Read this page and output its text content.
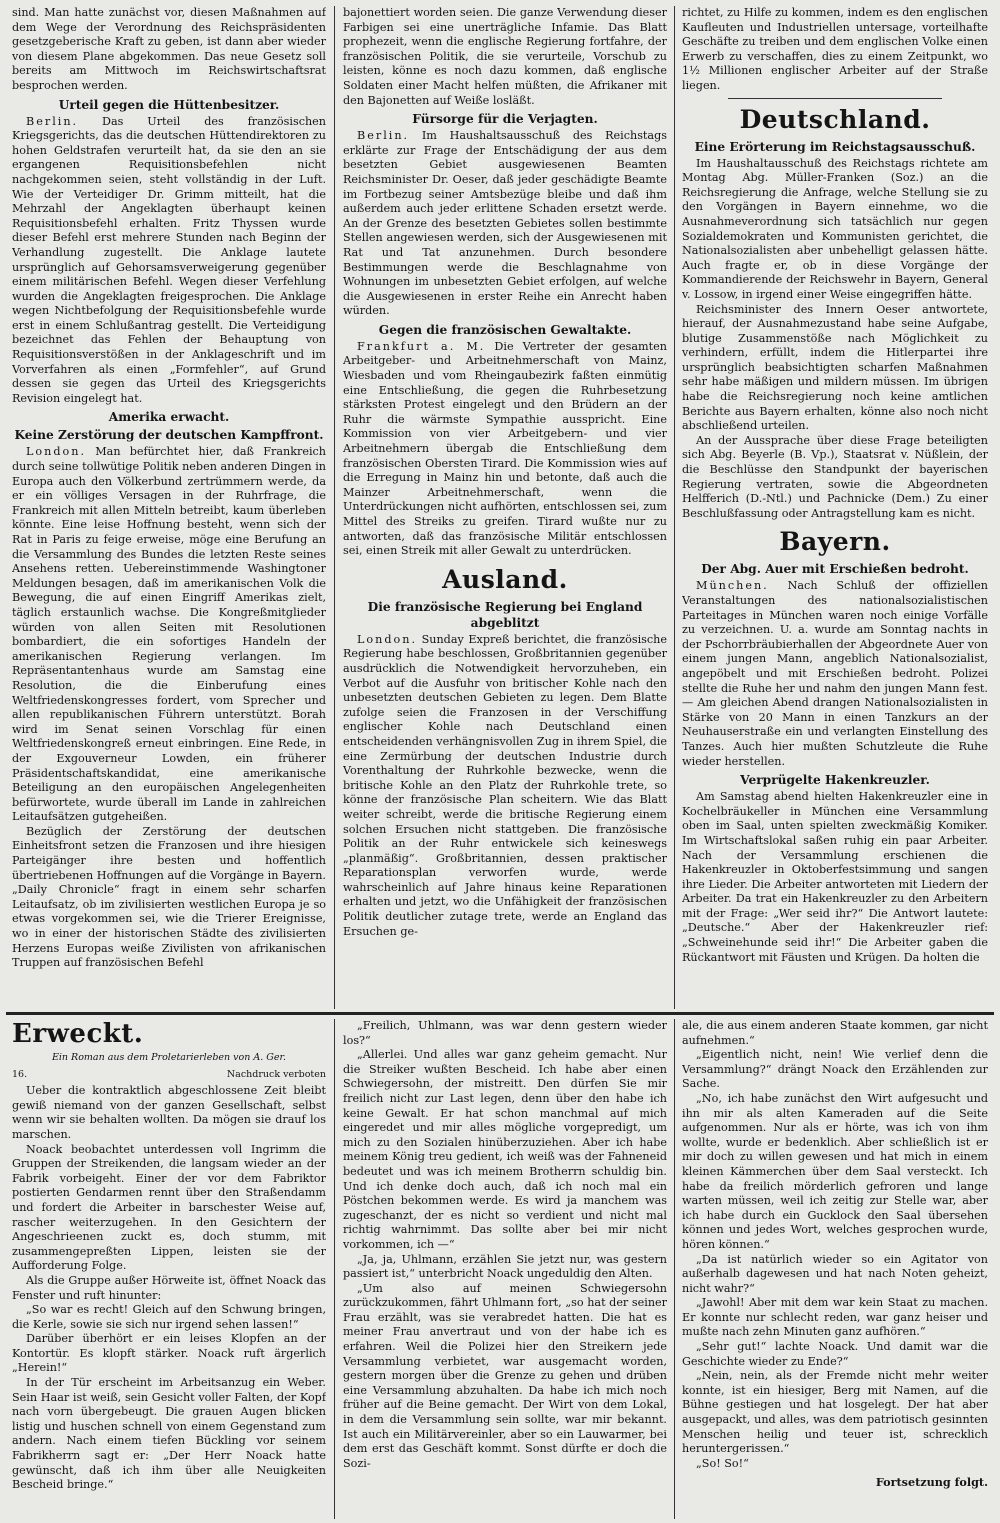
sind. Man hatte zunächst vor, diesen Maßnahmen auf dem Wege der Verordnung des Reichspräsidenten gesetzgeberische Kraft zu geben, ist dann aber wieder von diesem Plane abgekommen. Das neue Gesetz soll bereits am Mittwoch im Reichswirtschaftsrat besprochen werden.

Urteil gegen die Hüttenbesitzer.

Berlin. Das Urteil des französischen Kriegsgerichts, das die deutschen Hüttendirektoren zu hohen Geldstrafen verurteilt hat, da sie den an sie ergangenen Requisitionsbefehlen nicht nachgekommen seien, steht vollständig in der Luft. Wie der Verteidiger Dr. Grimm mitteilt, hat die Mehrzahl der Angeklagten überhaupt keinen Requisitionsbefehl erhalten. Fritz Thyssen wurde dieser Befehl erst mehrere Stunden nach Beginn der Verhandlung zugestellt. Die Anklage lautete ursprünglich auf Gehorsamsverweigerung gegenüber einem militärischen Befehl. Wegen dieser Verfehlung wurden die Angeklagten freigesprochen. Die Anklage wegen Nichtbefolgung der Requisitionsbefehle wurde erst in einem Schlußantrag gestellt. Die Verteidigung bezeichnet das Fehlen der Behauptung von Requisitionsverstößen in der Anklageschrift und im Vorverfahren als einen „Formfehler“, auf Grund dessen sie gegen das Urteil des Kriegsgerichts Revision eingelegt hat.

Amerika erwacht.
Keine Zerstörung der deutschen Kampffront.

London. Man befürchtet hier, daß Frankreich durch seine tollwütige Politik neben anderen Dingen in Europa auch den Völkerbund zertrümmern werde, da er ein völliges Versagen in der Ruhrfrage, die Frankreich mit allen Mitteln betreibt, kaum überleben könnte. Eine leise Hoffnung besteht, wenn sich der Rat in Paris zu feige erweise, möge eine Berufung an die Versammlung des Bundes die letzten Reste seines Ansehens retten. Uebereinstimmende Washingtoner Meldungen besagen, daß im amerikanischen Volk die Bewegung, die auf einen Eingriff Amerikas zielt, täglich erstaunlich wachse. Die Kongreßmitglieder würden von allen Seiten mit Resolutionen bombardiert, die ein sofortiges Handeln der amerikanischen Regierung verlangen. Im Repräsentantenhaus wurde am Samstag eine Resolution, die die Einberufung eines Weltfriedenskongresses fordert, vom Sprecher und allen republikanischen Führern unterstützt. Borah wird im Senat seinen Vorschlag für einen Weltfriedenskongreß erneut einbringen. Eine Rede, in der Exgouverneur Lowden, ein früherer Präsidentschaftskandidat, eine amerikanische Beteiligung an den europäischen Angelegenheiten befürwortete, wurde überall im Lande in zahlreichen Leitaufsätzen gutgeheißen.

Bezüglich der Zerstörung der deutschen Einheitsfront setzen die Franzosen und ihre hiesigen Parteigänger ihre besten und hoffentlich übertriebenen Hoffnungen auf die Vorgänge in Bayern. „Daily Chronicle“ fragt in einem sehr scharfen Leitaufsatz, ob im zivilisierten westlichen Europa je so etwas vorgekommen sei, wie die Trierer Ereignisse, wo in einer der historischen Städte des zivilisierten Herzens Europas weiße Zivilisten von afrikanischen Truppen auf französischen Befehl

bajonettiert worden seien. Die ganze Verwendung dieser Farbigen sei eine unerträgliche Infamie. Das Blatt prophezeit, wenn die englische Regierung fortfahre, der französischen Politik, die sie verurteile, Vorschub zu leisten, könne es noch dazu kommen, daß englische Soldaten einer Macht helfen müßten, die Afrikaner mit den Bajonetten auf Weiße losläßt.

Fürsorge für die Verjagten.

Berlin. Im Haushaltsausschuß des Reichstags erklärte zur Frage der Entschädigung der aus dem besetzten Gebiet ausgewiesenen Beamten Reichsminister Dr. Oeser, daß jeder geschädigte Beamte im Fortbezug seiner Amtsbezüge bleibe und daß ihm außerdem auch jeder erlittene Schaden ersetzt werde. An der Grenze des besetzten Gebietes sollen bestimmte Stellen angewiesen werden, sich der Ausgewiesenen mit Rat und Tat anzunehmen. Durch besondere Bestimmungen werde die Beschlagnahme von Wohnungen im unbesetzten Gebiet erfolgen, auf welche die Ausgewiesenen in erster Reihe ein Anrecht haben würden.

Gegen die französischen Gewaltakte.

Frankfurt a. M. Die Vertreter der gesamten Arbeitgeber- und Arbeitnehmerschaft von Mainz, Wiesbaden und vom Rheingaubezirk faßten einmütig eine Entschließung, die gegen die Ruhrbesetzung stärksten Protest eingelegt und den Brüdern an der Ruhr die wärmste Sympathie ausspricht. Eine Kommission von vier Arbeitgebern- und vier Arbeitnehmern übergab die Entschließung dem französischen Obersten Tirard. Die Kommission wies auf die Erregung in Mainz hin und betonte, daß auch die Mainzer Arbeitnehmerschaft, wenn die Unterdrückungen nicht aufhörten, entschlossen sei, zum Mittel des Streiks zu greifen. Tirard wußte nur zu antworten, daß das französische Militär entschlossen sei, einen Streik mit aller Gewalt zu unterdrücken.

Ausland.
Die französische Regierung bei England abgeblitzt

London. Sunday Expreß berichtet, die französische Regierung habe beschlossen, Großbritannien gegenüber ausdrücklich die Notwendigkeit hervorzuheben, ein Verbot auf die Ausfuhr von britischer Kohle nach den unbesetzten deutschen Gebieten zu legen. Dem Blatte zufolge seien die Franzosen in der Verschiffung englischer Kohle nach Deutschland einen entscheidenden verhängnisvollen Zug in ihrem Spiel, die eine Zermürbung der deutschen Industrie durch Vorenthaltung der Ruhrkohle bezwecke, wenn die britische Kohle an den Platz der Ruhrkohle trete, so könne der französische Plan scheitern. Wie das Blatt weiter schreibt, werde die britische Regierung einem solchen Ersuchen nicht stattgeben. Die französische Politik an der Ruhr entwickele sich keineswegs „planmäßig“. Großbritannien, dessen praktischer Reparationsplan verworfen wurde, werde wahrscheinlich auf Jahre hinaus keine Reparationen erhalten und jetzt, wo die Unfähigkeit der französischen Politik deutlicher zutage trete, werde an England das Ersuchen ge-

richtet, zu Hilfe zu kommen, indem es den englischen Kaufleuten und Industriellen untersage, vorteilhafte Geschäfte zu treiben und dem englischen Volke einen Erwerb zu verschaffen, dies zu einem Zeitpunkt, wo 1½ Millionen englischer Arbeiter auf der Straße liegen.

Deutschland.
Eine Erörterung im Reichstagsausschuß.

Im Haushaltausschuß des Reichstags richtete am Montag Abg. Müller-Franken (Soz.) an die Reichsregierung die Anfrage, welche Stellung sie zu den Vorgängen in Bayern einnehme, wo die Ausnahmeverordnung sich tatsächlich nur gegen Sozialdemokraten und Kommunisten gerichtet, die Nationalsozialisten aber unbehelligt gelassen hätte. Auch fragte er, ob in diese Vorgänge der Kommandierende der Reichswehr in Bayern, General v. Lossow, in irgend einer Weise eingegriffen hätte.

Reichsminister des Innern Oeser antwortete, hierauf, der Ausnahmezustand habe seine Aufgabe, blutige Zusammenstöße nach Möglichkeit zu verhindern, erfüllt, indem die Hitlerpartei ihre ursprünglich beabsichtigten scharfen Maßnahmen sehr habe mäßigen und mildern müssen. Im übrigen habe die Reichsregierung noch keine amtlichen Berichte aus Bayern erhalten, könne also noch nicht abschließend urteilen.

An der Aussprache über diese Frage beteiligten sich Abg. Beyerle (B. Vp.), Staatsrat v. Nüßlein, der die Beschlüsse den Standpunkt der bayerischen Regierung vertraten, sowie die Abgeordneten Helfferich (D.-Ntl.) und Pachnicke (Dem.) Zu einer Beschlußfassung oder Antragstellung kam es nicht.

Bayern.
Der Abg. Auer mit Erschießen bedroht.

München. Nach Schluß der offiziellen Veranstaltungen des nationalsozialistischen Parteitages in München waren noch einige Vorfälle zu verzeichnen. U. a. wurde am Sonntag nachts in der Pschorrbräubierhallen der Abgeordnete Auer von einem jungen Mann, angeblich Nationalsozialist, angepöbelt und mit Erschießen bedroht. Polizei stellte die Ruhe her und nahm den jungen Mann fest. — Am gleichen Abend drangen Nationalsozialisten in Stärke von 20 Mann in einen Tanzkurs an der Neuhauserstraße ein und verlangten Einstellung des Tanzes. Auch hier mußten Schutzleute die Ruhe wieder herstellen.

Verprügelte Hakenkreuzler.

Am Samstag abend hielten Hakenkreuzler eine in Kochelbräukeller in München eine Versammlung oben im Saal, unten spielten zweckmäßig Komiker. Im Wirtschaftslokal saßen ruhig ein paar Arbeiter. Nach der Versammlung erschienen die Hakenkreuzler in Oktoberfestsimmung und sangen ihre Lieder. Die Arbeiter antworteten mit Liedern der Arbeiter. Da trat ein Hakenkreuzler zu den Arbeitern mit der Frage: „Wer seid ihr?“ Die Antwort lautete: „Deutsche.“ Aber der Hakenkreuzler rief: „Schweinehunde seid ihr!“ Die Arbeiter gaben die Rückantwort mit Fäusten und Krügen. Da holten die

Erweckt.
Ein Roman aus dem Proletarierleben von A. Ger.
16.	Nachdruck verboten

Ueber die kontraktlich abgeschlossene Zeit bleibt gewiß niemand von der ganzen Gesellschaft, selbst wenn wir sie behalten wollten. Da mögen sie drauf los marschen.

Noack beobachtet unterdessen voll Ingrimm die Gruppen der Streikenden, die langsam wieder an der Fabrik vorbeigeht. Einer der vor dem Fabriktor postierten Gendarmen rennt über den Straßendamm und fordert die Arbeiter in barschester Weise auf, rascher weiterzugehen. In den Gesichtern der Angeschrieenen zuckt es, doch stumm, mit zusammengepreßten Lippen, leisten sie der Aufforderung Folge.

Als die Gruppe außer Hörweite ist, öffnet Noack das Fenster und ruft hinunter:

„So war es recht! Gleich auf den Schwung bringen, die Kerle, sowie sie sich nur irgend sehen lassen!“

Darüber überhört er ein leises Klopfen an der Kontortür. Es klopft stärker. Noack ruft ärgerlich „Herein!“

In der Tür erscheint im Arbeitsanzug ein Weber. Sein Haar ist weiß, sein Gesicht voller Falten, der Kopf nach vorn übergebeugt. Die grauen Augen blicken listig und huschen schnell von einem Gegenstand zum andern. Nach einem tiefen Bückling vor seinem Fabrikherrn sagt er: „Der Herr Noack hatte gewünscht, daß ich ihm über alle Neuigkeiten Bescheid bringe.“

„Freilich, Uhlmann, was war denn gestern wieder los?“

„Allerlei. Und alles war ganz geheim gemacht. Nur die Streiker wußten Bescheid. Ich habe aber einen Schwiegersohn, der mistreitt. Den dürfen Sie mir freilich nicht zur Last legen, denn über den habe ich keine Gewalt. Er hat schon manchmal auf mich eingeredet und mir alles mögliche vorgepredigt, um mich zu den Sozialen hinüberzuziehen. Aber ich habe meinem König treu gedient, ich weiß was der Fahneneid bedeutet und was ich meinem Brotherrn schuldig bin. Und ich denke doch auch, daß ich noch mal ein Pöstchen bekommen werde. Es wird ja manchem was zugeschanzt, der es nicht so verdient und nicht mal richtig wahrnimmt. Das sollte aber bei mir nicht vorkommen, ich —“

„Ja, ja, Uhlmann, erzählen Sie jetzt nur, was gestern passiert ist,“ unterbricht Noack ungeduldig den Alten.

„Um also auf meinen Schwiegersohn zurückzukommen, fährt Uhlmann fort, „so hat der seiner Frau erzählt, was sie verabredet hatten. Die hat es meiner Frau anvertraut und von der habe ich es erfahren. Weil die Polizei hier den Streikern jede Versammlung verbietet, war ausgemacht worden, gestern morgen über die Grenze zu gehen und drüben eine Versammlung abzuhalten. Da habe ich mich noch früher auf die Beine gemacht. Der Wirt von dem Lokal, in dem die Versammlung sein sollte, war mir bekannt. Ist auch ein Militärvereinler, aber so ein Lauwarmer, bei dem erst das Geschäft kommt. Sonst dürfte er doch die Sozi-

ale, die aus einem anderen Staate kommen, gar nicht aufnehmen.“

„Eigentlich nicht, nein! Wie verlief denn die Versammlung?“ drängt Noack den Erzählenden zur Sache.

„No, ich habe zunächst den Wirt aufgesucht und ihn mir als alten Kameraden auf die Seite aufgenommen. Nur als er hörte, was ich von ihm wollte, wurde er bedenklich. Aber schließlich ist er mir doch zu willen gewesen und hat mich in einem kleinen Kämmerchen über dem Saal versteckt. Ich habe da freilich mörderlich gefroren und lange warten müssen, weil ich zeitig zur Stelle war, aber ich habe durch ein Gucklock den Saal übersehen können und jedes Wort, welches gesprochen wurde, hören können.“

„Da ist natürlich wieder so ein Agitator von außerhalb dagewesen und hat nach Noten geheizt, nicht wahr?“

„Jawohl! Aber mit dem war kein Staat zu machen. Er konnte nur schlecht reden, war ganz heiser und mußte nach zehn Minuten ganz aufhören.“

„Sehr gut!“ lachte Noack. Und damit war die Geschichte wieder zu Ende?“

„Nein, nein, als der Fremde nicht mehr weiter konnte, ist ein hiesiger, Berg mit Namen, auf die Bühne gestiegen und hat losgelegt. Der hat aber ausgepackt, und alles, was dem patriotisch gesinnten Menschen heilig und teuer ist, schrecklich heruntergerissen.“

„So! So!“

Fortsetzung folgt.
